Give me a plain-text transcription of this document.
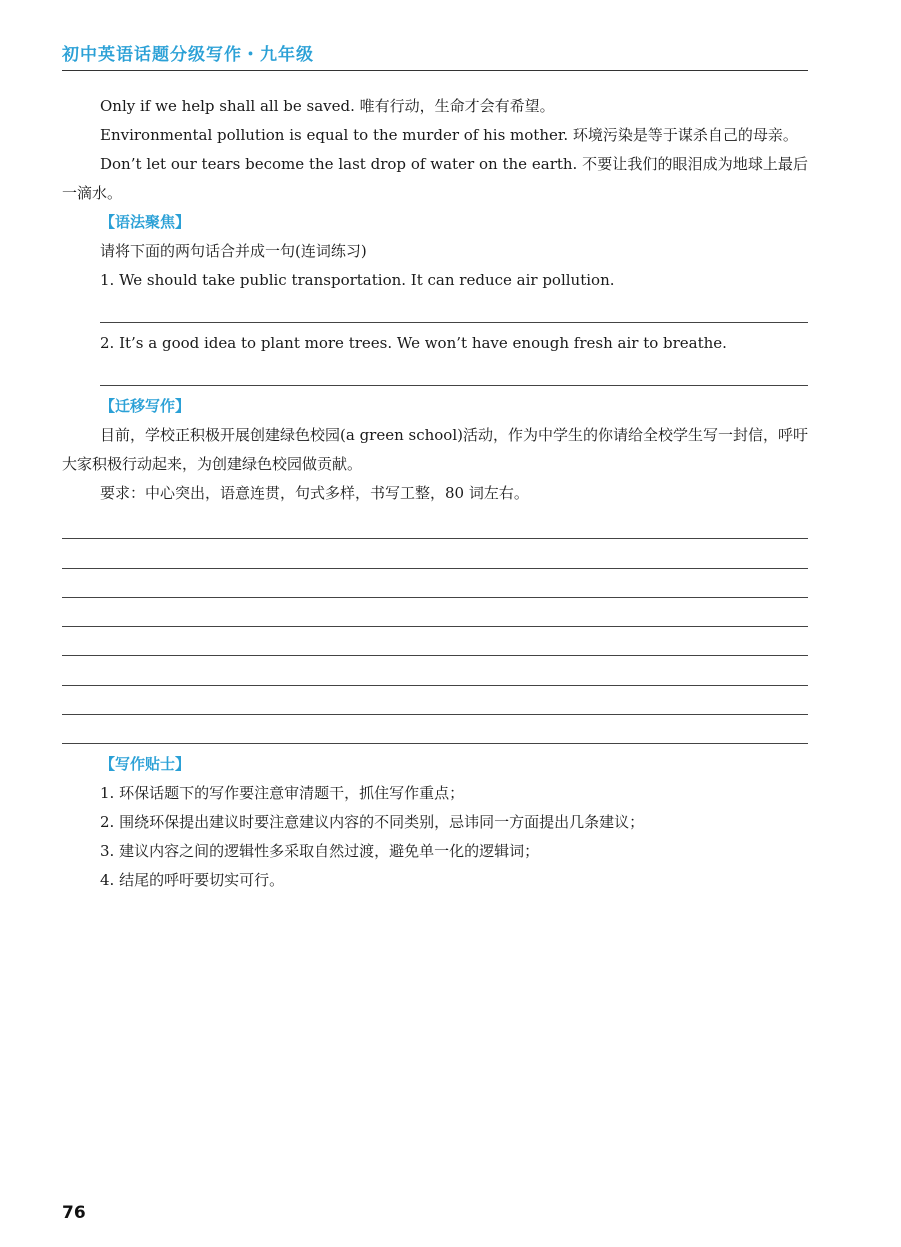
初中英语话题分级写作・九年级

Only if we help shall all be saved. 唯有行动，生命才会有希望。

Environmental pollution is equal to the murder of his mother. 环境污染是等于谋杀自己的母亲。

Don’t let our tears become the last drop of water on the earth. 不要让我们的眼泪成为地球上最后一滴水。

【语法聚焦】

请将下面的两句话合并成一句(连词练习)

1. We should take public transportation. It can reduce air pollution.

2. It’s a good idea to plant more trees. We won’t have enough fresh air to breathe.

【迁移写作】

目前，学校正积极开展创建绿色校园(a green school)活动，作为中学生的你请给全校学生写一封信，呼吁大家积极行动起来，为创建绿色校园做贡献。

要求：中心突出，语意连贯，句式多样，书写工整，80 词左右。

【写作贴士】

1. 环保话题下的写作要注意审清题干，抓住写作重点；

2. 围绕环保提出建议时要注意建议内容的不同类别，忌讳同一方面提出几条建议；

3. 建议内容之间的逻辑性多采取自然过渡，避免单一化的逻辑词；

4. 结尾的呼吁要切实可行。

76
